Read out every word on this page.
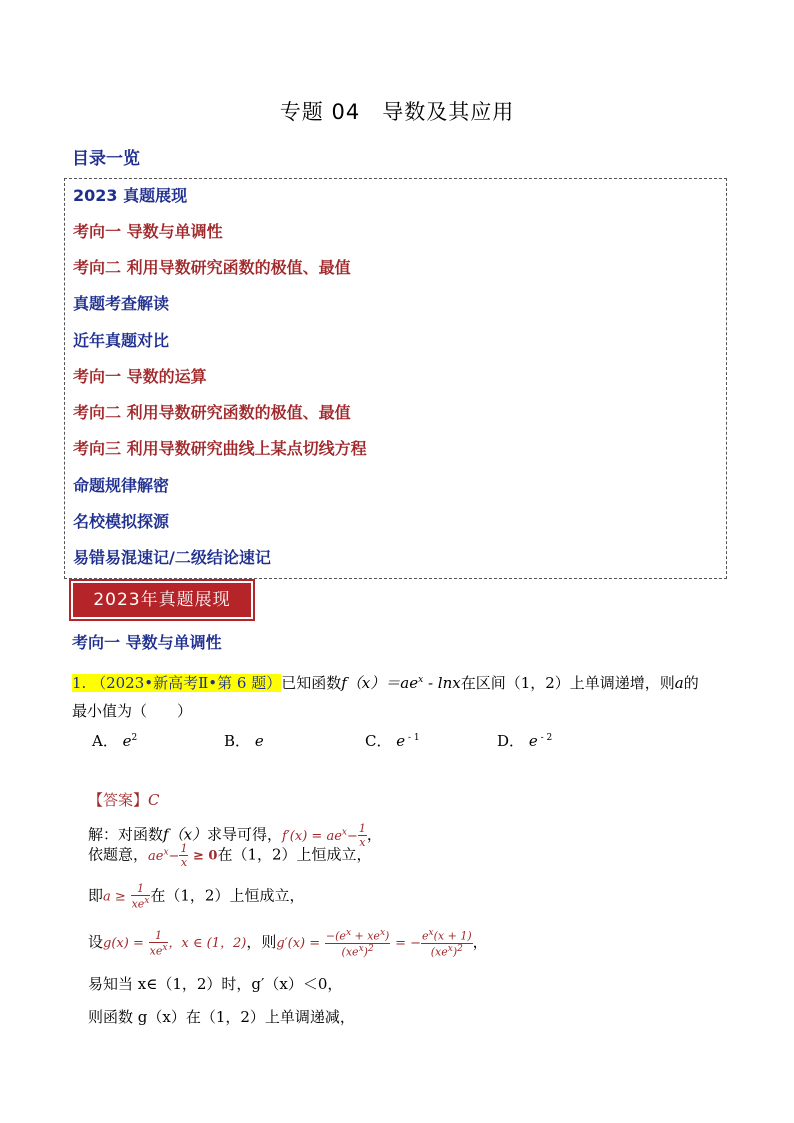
专题 04　导数及其应用
目录一览
2023 真题展现
考向一 导数与单调性
考向二 利用导数研究函数的极值、最值
真题考查解读
近年真题对比
考向一 导数的运算
考向二 利用导数研究函数的极值、最值
考向三 利用导数研究曲线上某点切线方程
命题规律解密
名校模拟探源
易错易混速记/二级结论速记
2023年真题展现
考向一 导数与单调性
1. （2023•新高考Ⅱ•第 6 题）已知函数$f(x)=ae^x - \ln x$在区间（1，2）上单调递增，则a的
最小值为（　　）
A． $e^2$	B． e	C． e $^{- 1}$	D． e $^{- 2}$
【答案】C
解：对函数f（x）求导可得，$f'(x) = ae^x- \frac{1}{x}$ ，
依题意，$ae^x- \frac{1}{x} \ge 0$在（1，2）上恒成立，
即$a \ge \frac{1}{xe^x}$ 在（1，2）上恒成立，
设$g(x) = \frac{1}{xe^x}$ ，x ∈ (1，2)，则$g'(x) = \frac{-(e^x + xe^x)}{(xe^x)^2}$ = − $\frac{e^x(x + 1)}{(xe^x)^2}$ ，
易知当 x∈（1，2）时，g′（x）＜0，
则函数 g（x）在（1，2）上单调递减，
